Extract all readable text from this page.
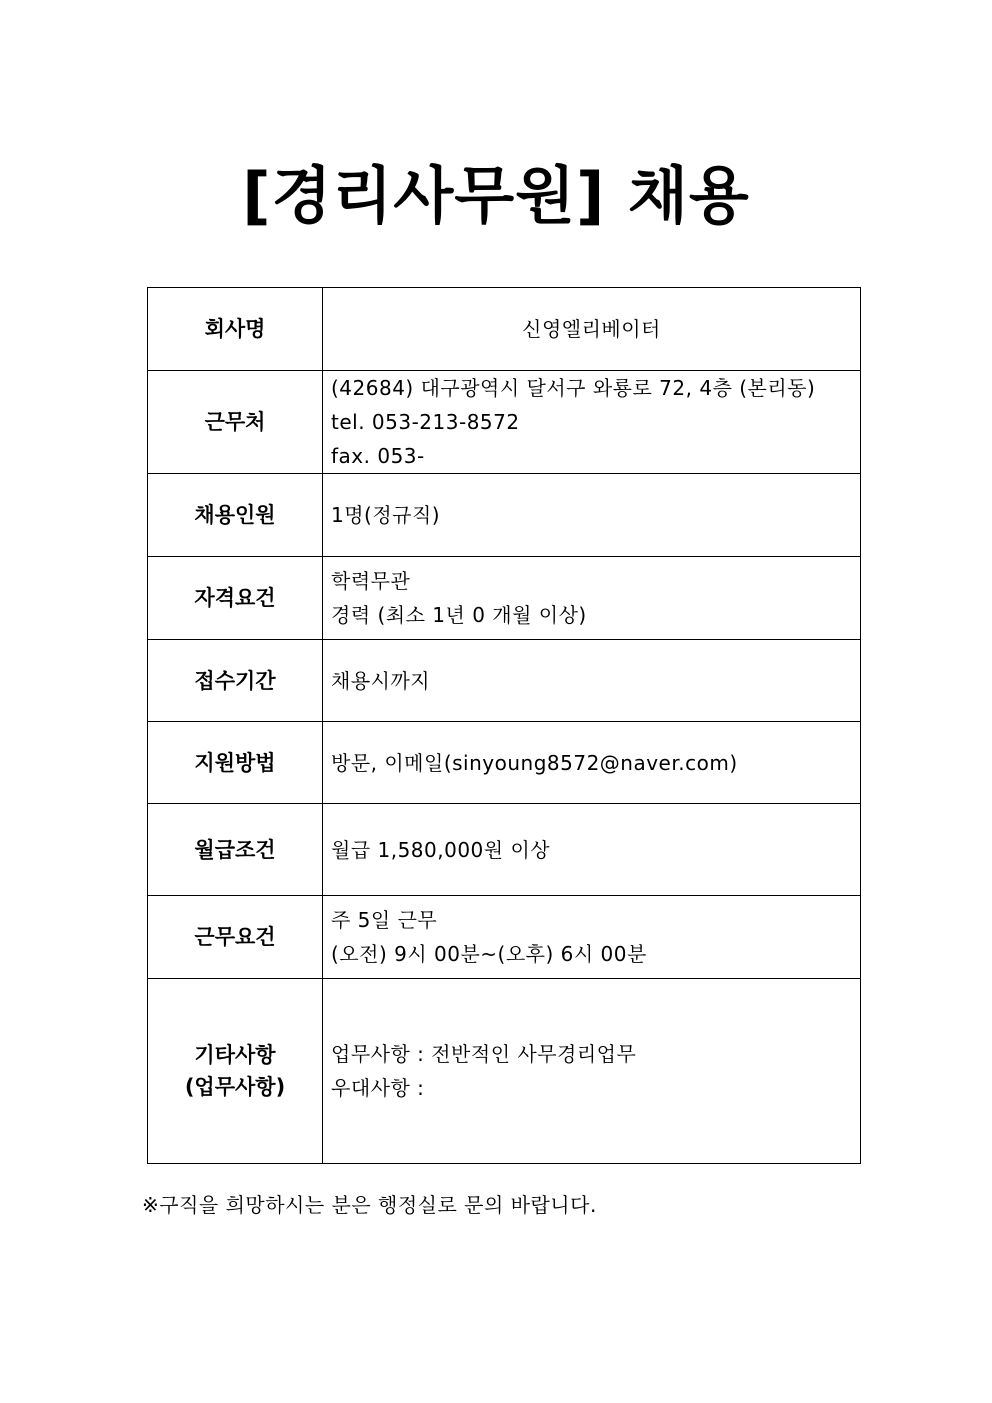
[경리사무원] 채용
회사명	신영엘리베이터

근무처	(42684) 대구광역시 달서구 와룡로 72, 4층 (본리동)
tel. 053-213-8572
fax. 053-

채용인원	1명(정규직)

자격요건	학력무관
경력 (최소 1년 0 개월 이상)

접수기간	채용시까지

지원방법	방문, 이메일(sinyoung8572@naver.com)

월급조건	월급 1,580,000원 이상

근무요건	주 5일 근무
(오전) 9시 00분~(오후) 6시 00분

기타사항
(업무사항)	업무사항 : 전반적인 사무경리업무
우대사항 :
※구직을 희망하시는 분은 행정실로 문의 바랍니다.
